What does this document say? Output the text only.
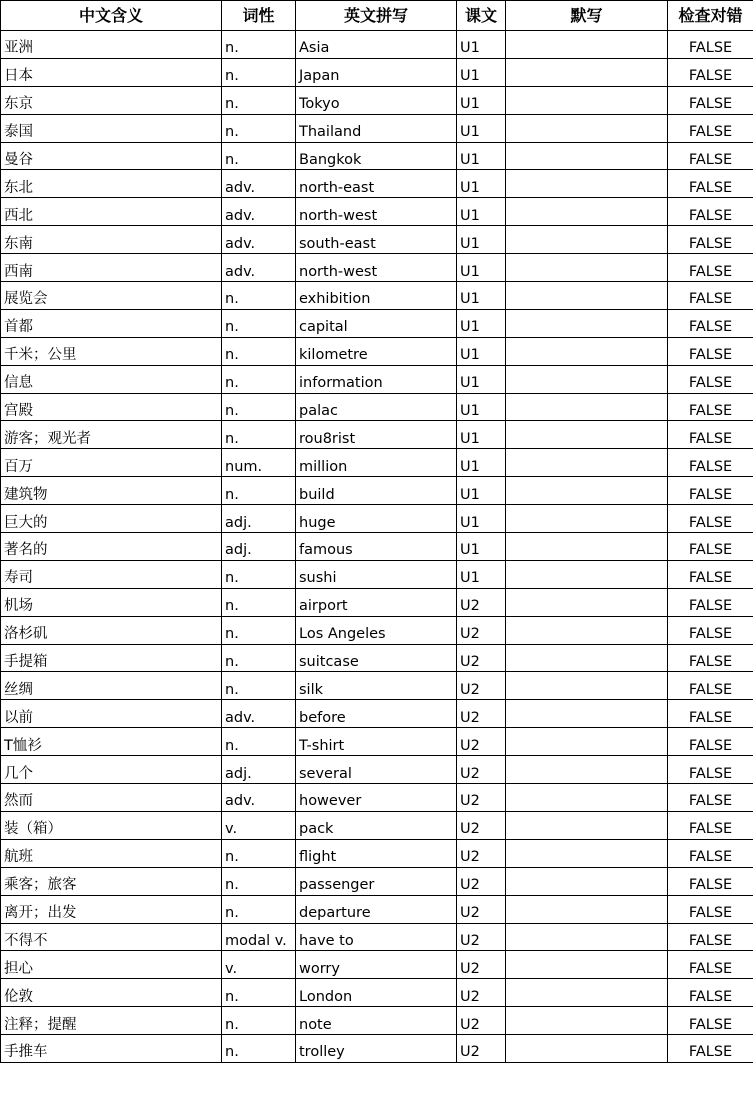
中文含义	词性	英文拼写	课文	默写	检查对错
亚洲	n.	Asia	U1		FALSE
日本	n.	Japan	U1		FALSE
东京	n.	Tokyo	U1		FALSE
泰国	n.	Thailand	U1		FALSE
曼谷	n.	Bangkok	U1		FALSE
东北	adv.	north-east	U1		FALSE
西北	adv.	north-west	U1		FALSE
东南	adv.	south-east	U1		FALSE
西南	adv.	north-west	U1		FALSE
展览会	n.	exhibition	U1		FALSE
首都	n.	capital	U1		FALSE
千米；公里	n.	kilometre	U1		FALSE
信息	n.	information	U1		FALSE
宫殿	n.	palac	U1		FALSE
游客；观光者	n.	rou8rist	U1		FALSE
百万	num.	million	U1		FALSE
建筑物	n.	build	U1		FALSE
巨大的	adj.	huge	U1		FALSE
著名的	adj.	famous	U1		FALSE
寿司	n.	sushi	U1		FALSE
机场	n.	airport	U2		FALSE
洛杉矶	n.	Los Angeles	U2		FALSE
手提箱	n.	suitcase	U2		FALSE
丝绸	n.	silk	U2		FALSE
以前	adv.	before	U2		FALSE
T恤衫	n.	T-shirt	U2		FALSE
几个	adj.	several	U2		FALSE
然而	adv.	however	U2		FALSE
装（箱）	v.	pack	U2		FALSE
航班	n.	flight	U2		FALSE
乘客；旅客	n.	passenger	U2		FALSE
离开；出发	n.	departure	U2		FALSE
不得不	modal v.	have to	U2		FALSE
担心	v.	worry	U2		FALSE
伦敦	n.	London	U2		FALSE
注释；提醒	n.	note	U2		FALSE
手推车	n.	trolley	U2		FALSE
